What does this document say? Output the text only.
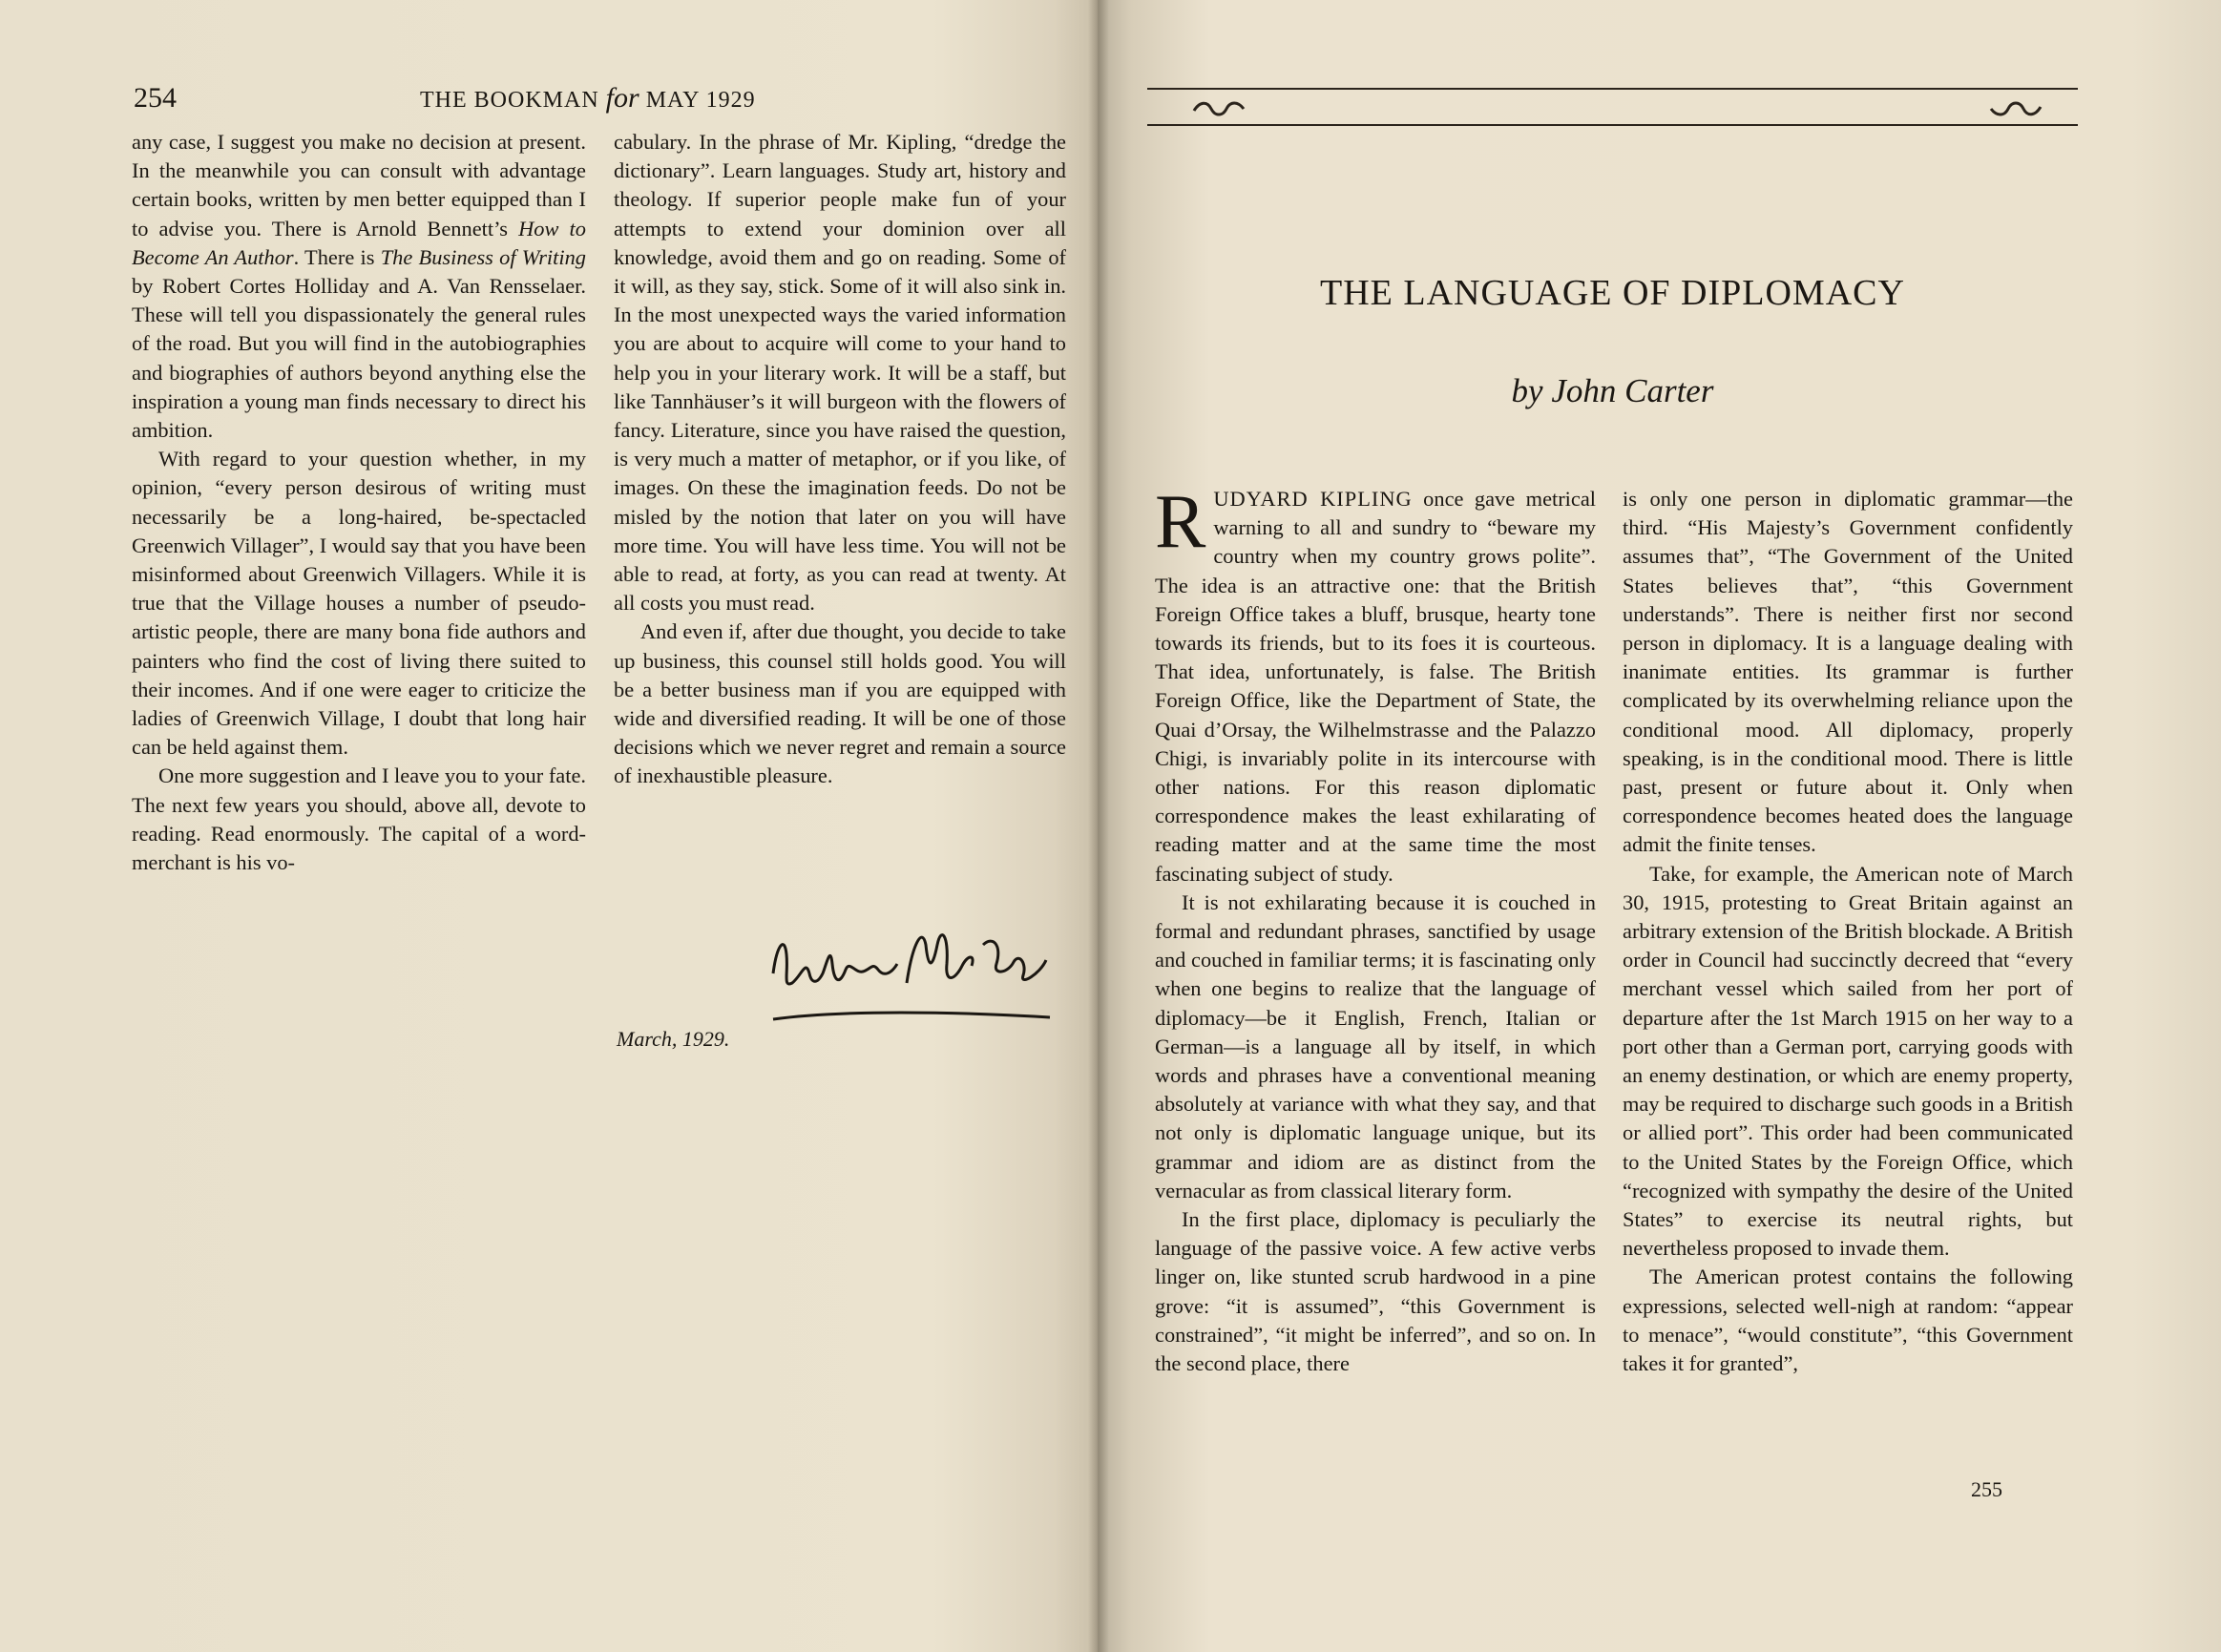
254	THE BOOKMAN for MAY 1929

any case, I suggest you make no decision at present. In the meanwhile you can consult with advantage certain books, written by men better equipped than I to advise you. There is Arnold Bennett’s How to Become An Author. There is The Business of Writing by Robert Cortes Holliday and A. Van Rensselaer. These will tell you dispassionately the general rules of the road. But you will find in the autobiographies and biographies of authors beyond anything else the inspiration a young man finds necessary to direct his ambition.

With regard to your question whether, in my opinion, “every person desirous of writing must necessarily be a long-haired, be-spectacled Greenwich Villager”, I would say that you have been misinformed about Greenwich Villagers. While it is true that the Village houses a number of pseudo-artistic people, there are many bona fide authors and painters who find the cost of living there suited to their incomes. And if one were eager to criticize the ladies of Greenwich Village, I doubt that long hair can be held against them.

One more suggestion and I leave you to your fate. The next few years you should, above all, devote to reading. Read enormously. The capital of a word-merchant is his vo-

cabulary. In the phrase of Mr. Kipling, “dredge the dictionary”. Learn languages. Study art, history and theology. If superior people make fun of your attempts to extend your dominion over all knowledge, avoid them and go on reading. Some of it will, as they say, stick. Some of it will also sink in. In the most unexpected ways the varied information you are about to acquire will come to your hand to help you in your literary work. It will be a staff, but like Tannhäuser’s it will burgeon with the flowers of fancy. Literature, since you have raised the question, is very much a matter of metaphor, or if you like, of images. On these the imagination feeds. Do not be misled by the notion that later on you will have more time. You will have less time. You will not be able to read, at forty, as you can read at twenty. At all costs you must read.

And even if, after due thought, you decide to take up business, this counsel still holds good. You will be a better business man if you are equipped with wide and diversified reading. It will be one of those decisions which we never regret and remain a source of inexhaustible pleasure.

March, 1929.
THE LANGUAGE OF DIPLOMACY
by John Carter

RUDYARD KIPLING once gave metrical warning to all and sundry to “beware my country when my country grows polite”. The idea is an attractive one: that the British Foreign Office takes a bluff, brusque, hearty tone towards its friends, but to its foes it is courteous. That idea, unfortunately, is false. The British Foreign Office, like the Department of State, the Quai d’Orsay, the Wilhelmstrasse and the Palazzo Chigi, is invariably polite in its intercourse with other nations. For this reason diplomatic correspondence makes the least exhilarating of reading matter and at the same time the most fascinating subject of study.

It is not exhilarating because it is couched in formal and redundant phrases, sanctified by usage and couched in familiar terms; it is fascinating only when one begins to realize that the language of diplomacy—be it English, French, Italian or German—is a language all by itself, in which words and phrases have a conventional meaning absolutely at variance with what they say, and that not only is diplomatic language unique, but its grammar and idiom are as distinct from the vernacular as from classical literary form.

In the first place, diplomacy is peculiarly the language of the passive voice. A few active verbs linger on, like stunted scrub hardwood in a pine grove: “it is assumed”, “this Government is constrained”, “it might be inferred”, and so on. In the second place, there

is only one person in diplomatic grammar—the third. “His Majesty’s Government confidently assumes that”, “The Government of the United States believes that”, “this Government understands”. There is neither first nor second person in diplomacy. It is a language dealing with inanimate entities. Its grammar is further complicated by its overwhelming reliance upon the conditional mood. All diplomacy, properly speaking, is in the conditional mood. There is little past, present or future about it. Only when correspondence becomes heated does the language admit the finite tenses.

Take, for example, the American note of March 30, 1915, protesting to Great Britain against an arbitrary extension of the British blockade. A British order in Council had succinctly decreed that “every merchant vessel which sailed from her port of departure after the 1st March 1915 on her way to a port other than a German port, carrying goods with an enemy destination, or which are enemy property, may be required to discharge such goods in a British or allied port”. This order had been communicated to the United States by the Foreign Office, which “recognized with sympathy the desire of the United States” to exercise its neutral rights, but nevertheless proposed to invade them.

The American protest contains the following expressions, selected well-nigh at random: “appear to menace”, “would constitute”, “this Government takes it for granted”,

255
